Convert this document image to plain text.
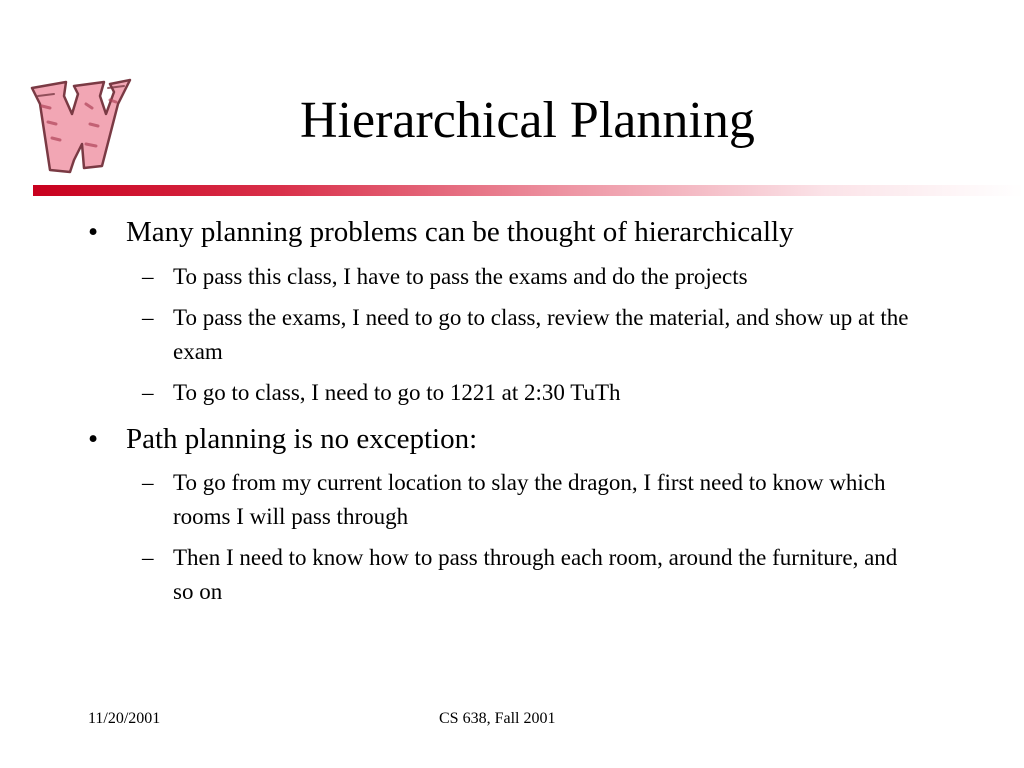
Hierarchical Planning
• Many planning problems can be thought of hierarchically
– To pass this class, I have to pass the exams and do the projects
– To pass the exams, I need to go to class, review the material, and show up at the exam
– To go to class, I need to go to 1221 at 2:30 TuTh
• Path planning is no exception:
– To go from my current location to slay the dragon, I first need to know which rooms I will pass through
– Then I need to know how to pass through each room, around the furniture, and so on
11/20/2001	CS 638, Fall 2001
